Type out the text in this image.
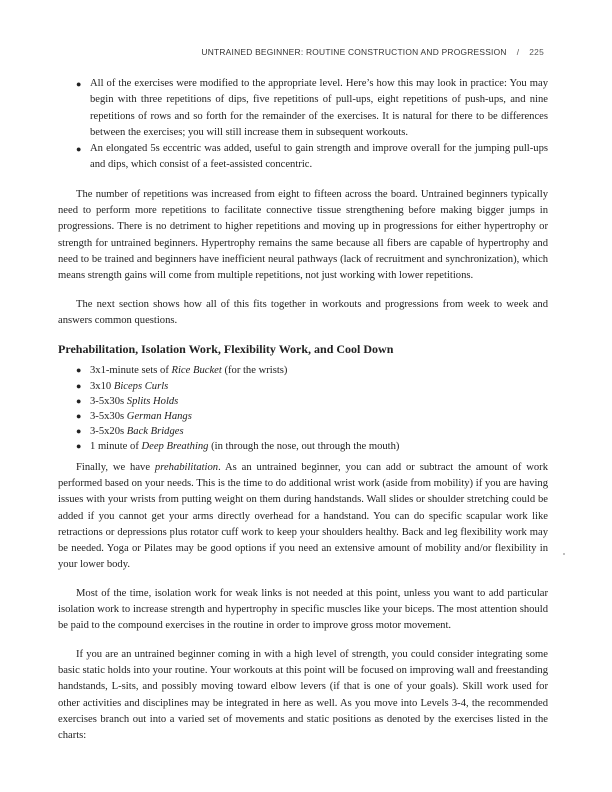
UNTRAINED BEGINNER: ROUTINE CONSTRUCTION AND PROGRESSION / 225
● All of the exercises were modified to the appropriate level. Here’s how this may look in practice: You may begin with three repetitions of dips, five repetitions of pull-ups, eight repetitions of push-ups, and nine repetitions of rows and so forth for the remainder of the exercises. It is natural for there to be differences between the exercises; you will still increase them in subsequent workouts.
● An elongated 5s eccentric was added, useful to gain strength and improve overall for the jumping pull-ups and dips, which consist of a feet-assisted concentric.

The number of repetitions was increased from eight to fifteen across the board. Untrained beginners typically need to perform more repetitions to facilitate connective tissue strengthening before making bigger jumps in progressions. There is no detriment to higher repetitions and moving up in progressions for either hypertrophy or strength for untrained beginners. Hypertrophy remains the same because all fibers are capable of hypertrophy and need to be trained and beginners have inefficient neural pathways (lack of recruitment and synchronization), which means strength gains will come from multiple repetitions, not just working with lower repetitions.

The next section shows how all of this fits together in workouts and progressions from week to week and answers common questions.

Prehabilitation, Isolation Work, Flexibility Work, and Cool Down
● 3x1-minute sets of Rice Bucket (for the wrists)
● 3x10 Biceps Curls
● 3-5x30s Splits Holds
● 3-5x30s German Hangs
● 3-5x20s Back Bridges
● 1 minute of Deep Breathing (in through the nose, out through the mouth)

Finally, we have prehabilitation. As an untrained beginner, you can add or subtract the amount of work performed based on your needs. This is the time to do additional wrist work (aside from mobility) if you are having issues with your wrists from putting weight on them during handstands. Wall slides or shoulder stretching could be added if you cannot get your arms directly overhead for a handstand. You can do specific scapular work like retractions or depressions plus rotator cuff work to keep your shoulders healthy. Back and leg flexibility work may be needed. Yoga or Pilates may be good options if you need an extensive amount of mobility and/or flexibility in your lower body.

Most of the time, isolation work for weak links is not needed at this point, unless you want to add particular isolation work to increase strength and hypertrophy in specific muscles like your biceps. The most attention should be paid to the compound exercises in the routine in order to improve gross motor movement.

If you are an untrained beginner coming in with a high level of strength, you could consider integrating some basic static holds into your routine. Your workouts at this point will be focused on improving wall and freestanding handstands, L-sits, and possibly moving toward elbow levers (if that is one of your goals). Skill work used for other activities and disciplines may be integrated in here as well. As you move into Levels 3-4, the recommended exercises branch out into a varied set of movements and static positions as denoted by the exercises listed in the charts:
